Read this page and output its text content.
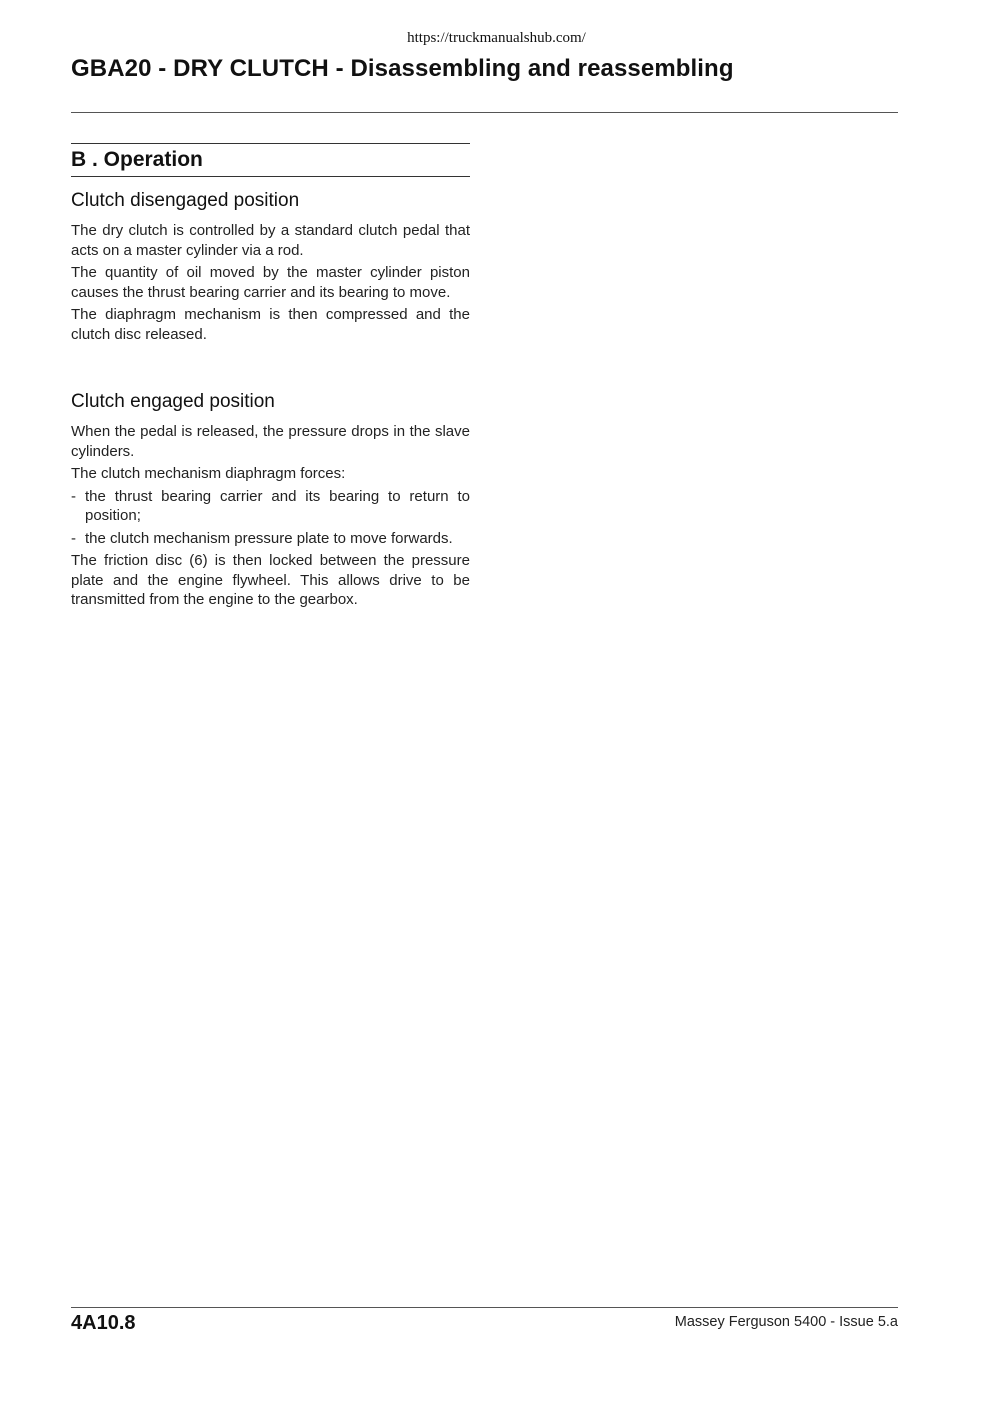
https://truckmanualshub.com/
GBA20 - DRY CLUTCH - Disassembling and reassembling
B . Operation
Clutch disengaged position

The dry clutch is controlled by a standard clutch pedal that acts on a master cylinder via a rod.

The quantity of oil moved by the master cylinder piston causes the thrust bearing carrier and its bearing to move.

The diaphragm mechanism is then compressed and the clutch disc released.

Clutch engaged position

When the pedal is released, the pressure drops in the slave cylinders.

The clutch mechanism diaphragm forces:

- the thrust bearing carrier and its bearing to return to position;
- the clutch mechanism pressure plate to move forwards.

The friction disc (6) is then locked between the pressure plate and the engine flywheel. This allows drive to be transmitted from the engine to the gearbox.

4A10.8	Massey Ferguson 5400 - Issue 5.a
